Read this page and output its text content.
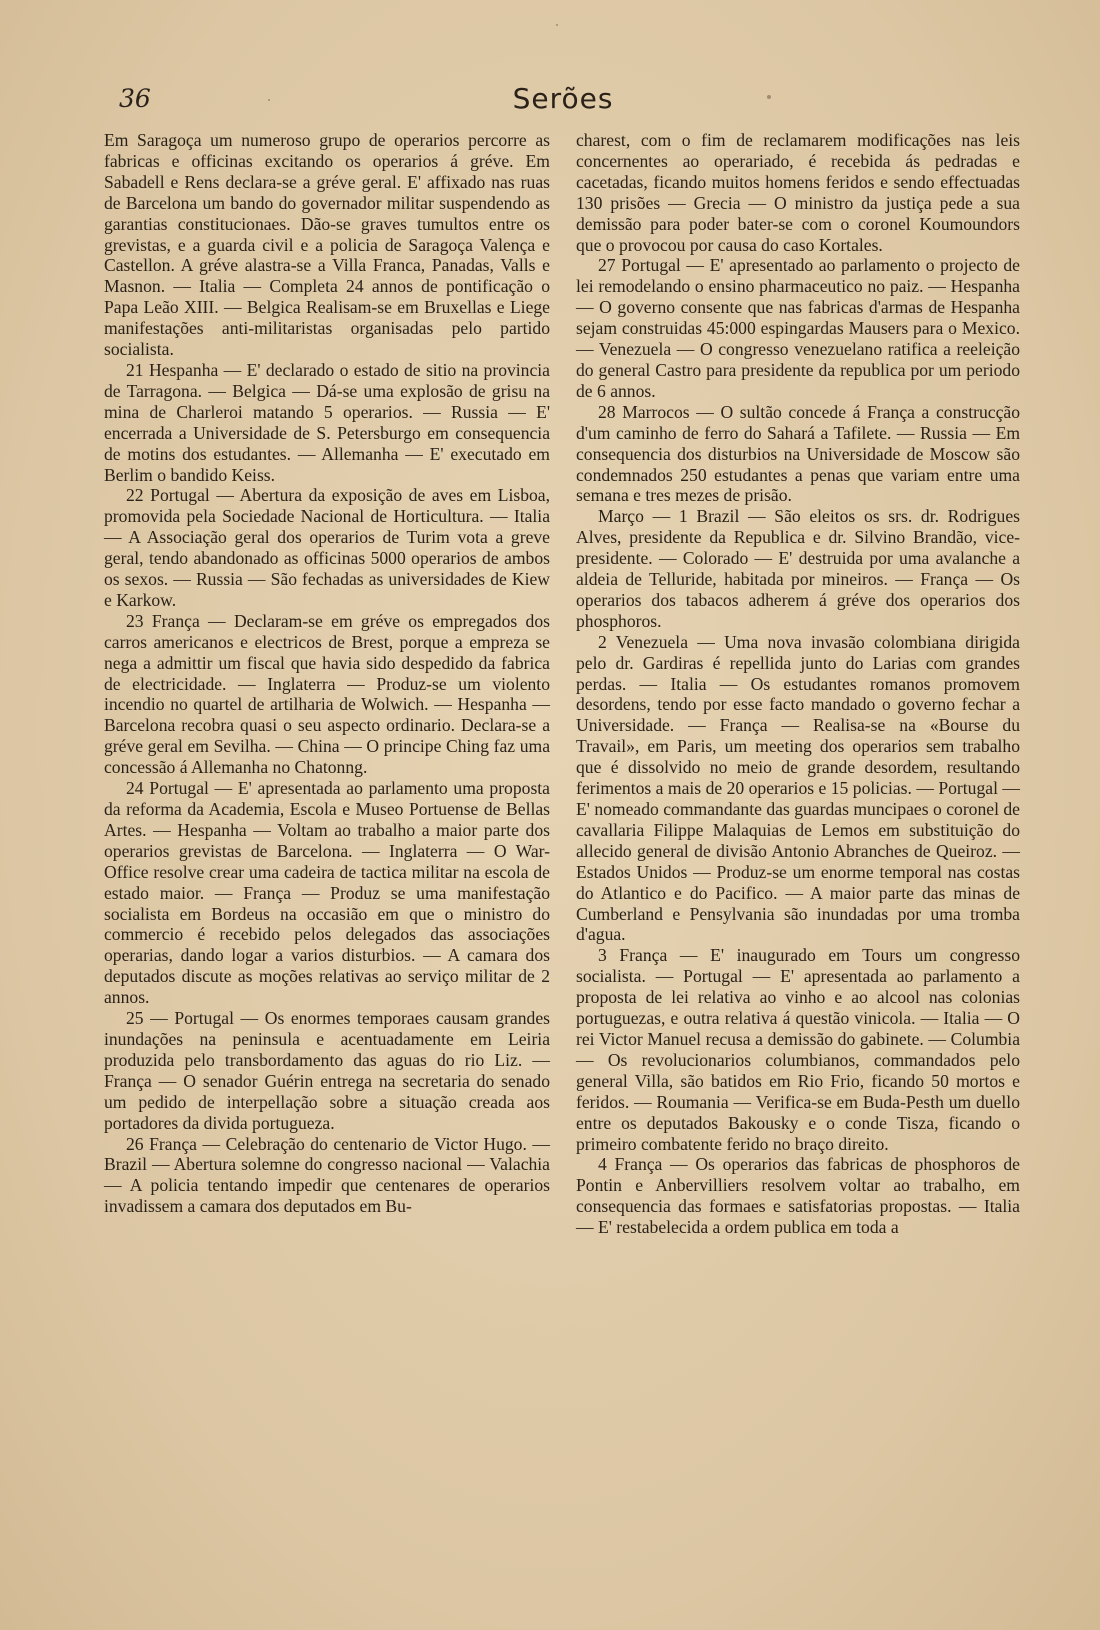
36	Serões

Em Saragoça um numeroso grupo de operarios percorre as fabricas e officinas excitando os operarios á gréve. Em Sabadell e Rens declara-se a gréve geral. E' affixado nas ruas de Barcelona um bando do governador militar suspendendo as garantias constitucionaes. Dão-se graves tumultos entre os grevistas, e a guarda civil e a policia de Saragoça Valença e Castellon. A gréve alastra-se a Villa Franca, Panadas, Valls e Masnon. — Italia — Completa 24 annos de pontificação o Papa Leão XIII. — Belgica Realisam-se em Bruxellas e Liege manifestações anti-militaristas organisadas pelo partido socialista.

21 Hespanha — E' declarado o estado de sitio na provincia de Tarragona. — Belgica — Dá-se uma explosão de grisu na mina de Charleroi matando 5 operarios. — Russia — E' encerrada a Universidade de S. Petersburgo em consequencia de motins dos estudantes. — Allemanha — E' executado em Berlim o bandido Keiss.

22 Portugal — Abertura da exposição de aves em Lisboa, promovida pela Sociedade Nacional de Horticultura. — Italia — A Associação geral dos operarios de Turim vota a greve geral, tendo abandonado as officinas 5000 operarios de ambos os sexos. — Russia — São fechadas as universidades de Kiew e Karkow.

23 França — Declaram-se em gréve os empregados dos carros americanos e electricos de Brest, porque a empreza se nega a admittir um fiscal que havia sido despedido da fabrica de electricidade. — Inglaterra — Produz-se um violento incendio no quartel de artilharia de Wolwich. — Hespanha — Barcelona recobra quasi o seu aspecto ordinario. Declara-se a gréve geral em Sevilha. — China — O principe Ching faz uma concessão á Allemanha no Chatonng.

24 Portugal — E' apresentada ao parlamento uma proposta da reforma da Academia, Escola e Museo Portuense de Bellas Artes. — Hespanha — Voltam ao trabalho a maior parte dos operarios grevistas de Barcelona. — Inglaterra — O War-Office resolve crear uma cadeira de tactica militar na escola de estado maior. — França — Produz se uma manifestação socialista em Bordeus na occasião em que o ministro do commercio é recebido pelos delegados das associações operarias, dando logar a varios disturbios. — A camara dos deputados discute as moções relativas ao serviço militar de 2 annos.

25 — Portugal — Os enormes temporaes causam grandes inundações na peninsula e acentuadamente em Leiria produzida pelo transbordamento das aguas do rio Liz. — França — O senador Guérin entrega na secretaria do senado um pedido de interpellação sobre a situação creada aos portadores da divida portugueza.

26 França — Celebração do centenario de Victor Hugo. — Brazil — Abertura solemne do congresso nacional — Valachia — A policia tentando impedir que centenares de operarios invadissem a camara dos deputados em Bu-

charest, com o fim de reclamarem modificações nas leis concernentes ao operariado, é recebida ás pedradas e cacetadas, ficando muitos homens feridos e sendo effectuadas 130 prisões — Grecia — O ministro da justiça pede a sua demissão para poder bater-se com o coronel Koumoundors que o provocou por causa do caso Kortales.

27 Portugal — E' apresentado ao parlamento o projecto de lei remodelando o ensino pharmaceutico no paiz. — Hespanha — O governo consente que nas fabricas d'armas de Hespanha sejam construidas 45:000 espingardas Mausers para o Mexico. — Venezuela — O congresso venezuelano ratifica a reeleição do general Castro para presidente da republica por um periodo de 6 annos.

28 Marrocos — O sultão concede á França a construcção d'um caminho de ferro do Sahará a Tafilete. — Russia — Em consequencia dos disturbios na Universidade de Moscow são condemnados 250 estudantes a penas que variam entre uma semana e tres mezes de prisão.

Março — 1 Brazil — São eleitos os srs. dr. Rodrigues Alves, presidente da Republica e dr. Silvino Brandão, vice-presidente. — Colorado — E' destruida por uma avalanche a aldeia de Telluride, habitada por mineiros. — França — Os operarios dos tabacos adherem á gréve dos operarios dos phosphoros.

2 Venezuela — Uma nova invasão colombiana dirigida pelo dr. Gardiras é repellida junto do Larias com grandes perdas. — Italia — Os estudantes romanos promovem desordens, tendo por esse facto mandado o governo fechar a Universidade. — França — Realisa-se na «Bourse du Travail», em Paris, um meeting dos operarios sem trabalho que é dissolvido no meio de grande desordem, resultando ferimentos a mais de 20 operarios e 15 policias. — Portugal — E' nomeado commandante das guardas muncipaes o coronel de cavallaria Filippe Malaquias de Lemos em substituição do allecido general de divisão Antonio Abranches de Queiroz. — Estados Unidos — Produz-se um enorme temporal nas costas do Atlantico e do Pacifico. — A maior parte das minas de Cumberland e Pensylvania são inundadas por uma tromba d'agua.

3 França — E' inaugurado em Tours um congresso socialista. — Portugal — E' apresentada ao parlamento a proposta de lei relativa ao vinho e ao alcool nas colonias portuguezas, e outra relativa á questão vinicola. — Italia — O rei Victor Manuel recusa a demissão do gabinete. — Columbia — Os revolucionarios columbianos, commandados pelo general Villa, são batidos em Rio Frio, ficando 50 mortos e feridos. — Roumania — Verifica-se em Buda-Pesth um duello entre os deputados Bakousky e o conde Tisza, ficando o primeiro combatente ferido no braço direito.

4 França — Os operarios das fabricas de phosphoros de Pontin e Anbervilliers resolvem voltar ao trabalho, em consequencia das formaes e satisfatorias propostas. — Italia — E' restabelecida a ordem publica em toda a
